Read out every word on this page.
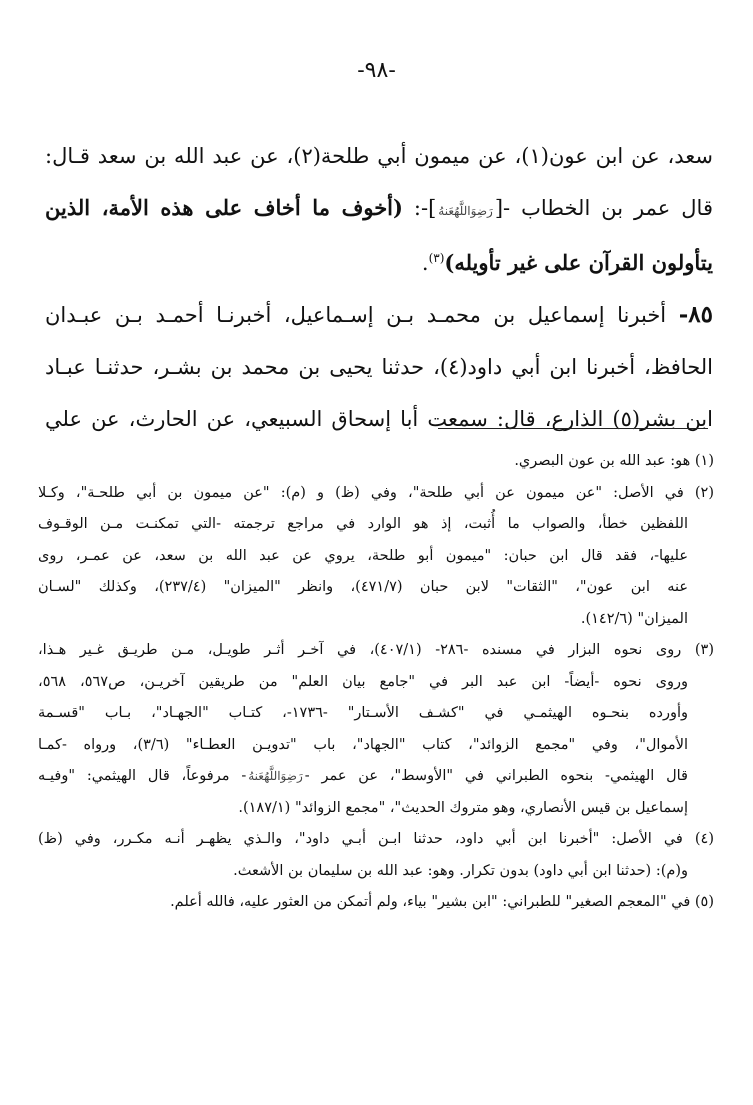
-٩٨-
سعد، عن ابن عون(١)، عن ميمون أبي طلحة(٢)، عن عبد الله بن سعد قـال:
قال عمر بن الخطاب -[رَضِوَاللَّهُعَنهُ]-: (أخوف ما أخاف على هذه الأمة، الذين
يتأولون القرآن على غير تأويله)$^{(٣)}$.
٨٥- أخبرنا إسماعيل بن محمـد بـن إسـماعيل، أخبرنـا أحمـد بـن عبـدان
الحافظ، أخبرنا ابن أبي داود(٤)، حدثنا يحيى بن محمد بن بشـر، حدثنـا عبـاد
ابن بشر(٥) الذارع، قال: سمعت أبا إسحاق السبيعي، عن الحارث، عن علي
(١) هو: عبد الله بن عون البصري.
(٢) في الأصل: "عن ميمون عن أبي طلحة"، وفي (ظ) و (م): "عن ميمون بن أبي طلحـة"، وكـلا
اللفظين خطأ، والصواب ما أُثبت، إذ هو الوارد في مراجع ترجمته -التي تمكنـت مـن الوقـوف
عليها-، فقد قال ابن حبان: "ميمون أبو طلحة، يروي عن عبد الله بن سعد، عن عمـر، روى
عنه ابن عون"، "الثقات" لابن حبان (٤٧١/٧)، وانظر "الميزان" (٢٣٧/٤)، وكذلك "لسـان
الميزان" (١٤٢/٦).
(٣) روى نحوه البزار في مسنده -٢٨٦- (٤٠٧/١)، في آخـر أثـر طويـل، مـن طريـق غـير هـذا،
وروى نحوه -أيضاً- ابن عبد البر في "جامع بيان العلم" من طريقين آخريـن، ص٥٦٧، ٥٦٨،
وأورده بنحـوه الهيثمـي في "كشـف الأسـتار" -١٧٣٦-، كتـاب "الجهـاد"، بـاب "قسـمة
الأموال"، وفي "مجمع الزوائد"، كتاب "الجهاد"، باب "تدويـن العطـاء" (٣/٦)، ورواه -كمـا
قال الهيثمي- بنحوه الطبراني في "الأوسط"، عن عمر -رَضِوَاللَّهُعَنهُ- مرفوعاً، قال الهيثمي: "وفيـه
إسماعيل بن قيس الأنصاري، وهو متروك الحديث"، "مجمع الزوائد" (١٨٧/١).
(٤) في الأصل: "أخبرنا ابن أبي داود، حدثنا ابـن أبـي داود"، والـذي يظهـر أنـه مكـرر، وفي (ظ)
و(م): (حدثنا ابن أبي داود) بدون تكرار. وهو: عبد الله بن سليمان بن الأشعث.
(٥) في "المعجم الصغير" للطبراني: "ابن بشير" بياء، ولم أتمكن من العثور عليه، فالله أعلم.
